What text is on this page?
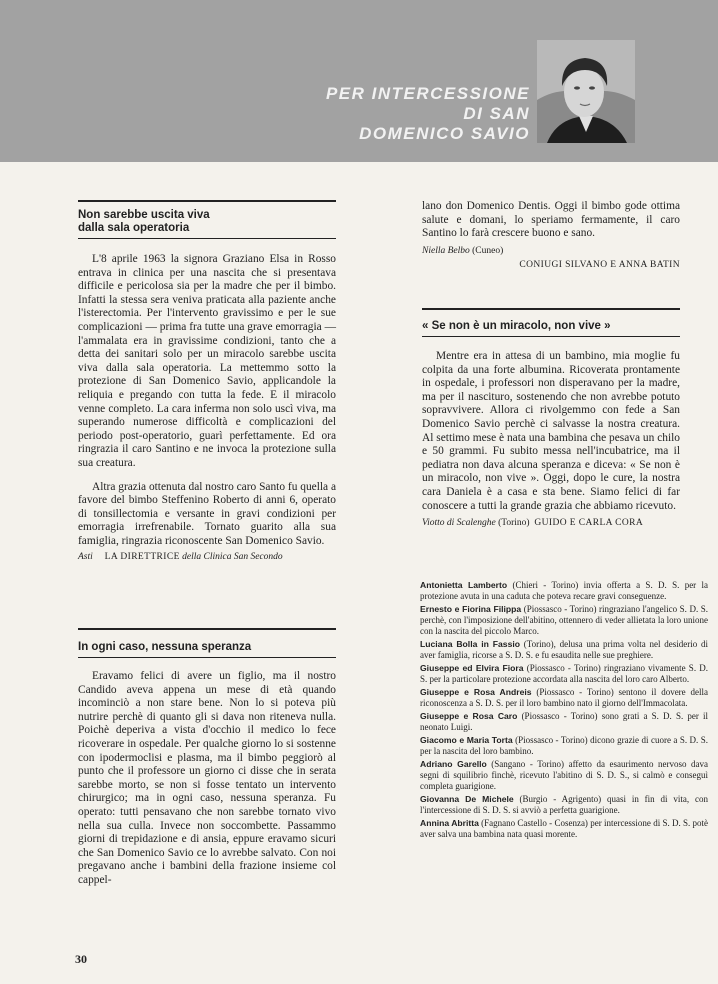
PER INTERCESSIONE
DI SAN
DOMENICO SAVIO
Non sarebbe uscita viva
dalla sala operatoria

L'8 aprile 1963 la signora Graziano Elsa in Rosso entrava in clinica per una nascita che si presentava difficile e pericolosa sia per la madre che per il bimbo. Infatti la stessa sera veniva praticata alla paziente anche l'isterectomia. Per l'intervento gravissimo e per le sue complicazioni — prima fra tutte una grave emorragia — l'ammalata era in gravissime condizioni, tanto che a detta dei sanitari solo per un miracolo sarebbe uscita viva dalla sala operatoria. La mettemmo sotto la protezione di San Domenico Savio, applicandole la reliquia e pregando con tutta la fede. E il miracolo venne completo. La cara inferma non solo uscì viva, ma superando numerose difficoltà e complicazioni del periodo post-operatorio, guarì perfettamente. Ed ora ringrazia il caro Santino e ne invoca la protezione sulla sua creatura.

Altra grazia ottenuta dal nostro caro Santo fu quella a favore del bimbo Steffenino Roberto di anni 6, operato di tonsillectomia e versante in gravi condizioni per emorragia irrefrenabile. Tornato guarito alla sua famiglia, ringrazia riconoscente San Domenico Savio.

Asti LA DIRETTRICE della Clinica San Secondo

In ogni caso, nessuna speranza

Eravamo felici di avere un figlio, ma il nostro Candido aveva appena un mese di età quando incominciò a non stare bene. Non lo si poteva più nutrire perchè di quanto gli si dava non riteneva nulla. Poichè deperiva a vista d'occhio il medico lo fece ricoverare in ospedale. Per qualche giorno lo si sostenne con ipodermoclisi e plasma, ma il bimbo peggiorò al punto che il professore un giorno ci disse che in serata sarebbe morto, se non si fosse tentato un intervento chirurgico; ma in ogni caso, nessuna speranza. Fu operato: tutti pensavano che non sarebbe tornato vivo nella sua culla. Invece non soccombette. Passammo giorni di trepidazione e di ansia, eppure eravamo sicuri che San Domenico Savio ce lo avrebbe salvato. Con noi pregavano anche i bambini della frazione insieme col cappel-

lano don Domenico Dentis. Oggi il bimbo gode ottima salute e domani, lo speriamo fermamente, il caro Santino lo farà crescere buono e sano.

Niella Belbo (Cuneo)

CONIUGI SILVANO E ANNA BATIN

« Se non è un miracolo, non vive »

Mentre era in attesa di un bambino, mia moglie fu colpita da una forte albumina. Ricoverata prontamente in ospedale, i professori non disperavano per la madre, ma per il nascituro, sostenendo che non avrebbe potuto sopravvivere. Allora ci rivolgemmo con fede a San Domenico Savio perchè ci salvasse la nostra creatura. Al settimo mese è nata una bambina che pesava un chilo e 50 grammi. Fu subito messa nell'incubatrice, ma il pediatra non dava alcuna speranza e diceva: « Se non è un miracolo, non vive ». Oggi, dopo le cure, la nostra cara Daniela è a casa e sta bene. Siamo felici di far conoscere a tutti la grande grazia che abbiamo ricevuto.

Viotto di Scalenghe (Torino) GUIDO E CARLA CORA

Antonietta Lamberto (Chieri - Torino) invia offerta a S. D. S. per la protezione avuta in una caduta che poteva recare gravi conseguenze.

Ernesto e Fiorina Filippa (Piossasco - Torino) ringraziano l'angelico S. D. S. perchè, con l'imposizione dell'abitino, ottennero di veder allietata la loro unione con la nascita del piccolo Marco.

Luciana Bolla in Fassio (Torino), delusa una prima volta nel desiderio di aver famiglia, ricorse a S. D. S. e fu esaudita nelle sue preghiere.

Giuseppe ed Elvira Fiora (Piossasco - Torino) ringraziano vivamente S. D. S. per la particolare protezione accordata alla nascita del loro caro Alberto.

Giuseppe e Rosa Andreis (Piossasco - Torino) sentono il dovere della riconoscenza a S. D. S. per il loro bambino nato il giorno dell'Immacolata.

Giuseppe e Rosa Caro (Piossasco - Torino) sono grati a S. D. S. per il neonato Luigi.

Giacomo e Maria Torta (Piossasco - Torino) dicono grazie di cuore a S. D. S. per la nascita del loro bambino.

Adriano Garello (Sangano - Torino) affetto da esaurimento nervoso dava segni di squilibrio finchè, ricevuto l'abitino di S. D. S., si calmò e conseguì completa guarigione.

Giovanna De Michele (Burgio - Agrigento) quasi in fin di vita, con l'intercessione di S. D. S. si avviò a perfetta guarigione.

Annina Abritta (Fagnano Castello - Cosenza) per intercessione di S. D. S. potè aver salva una bambina nata quasi morente.

30
